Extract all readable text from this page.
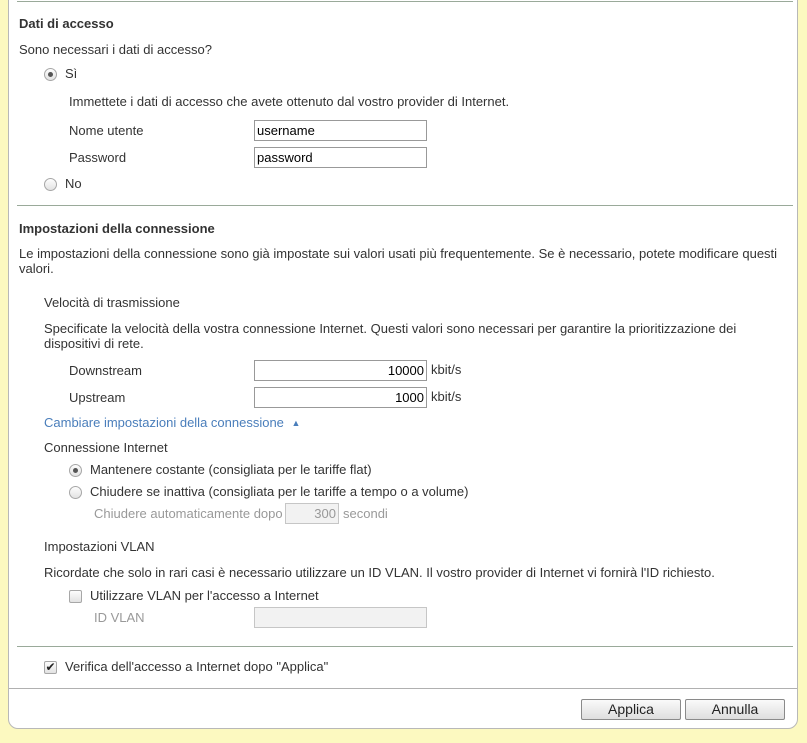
Dati di accesso
Sono necessari i dati di accesso?
Sì
Immettete i dati di accesso che avete ottenuto dal vostro provider di Internet.
Nome utente	username
Password	password
No
Impostazioni della connessione
Le impostazioni della connessione sono già impostate sui valori usati più frequentemente. Se è necessario, potete modificare questi valori.
Velocità di trasmissione
Specificate la velocità della vostra connessione Internet. Questi valori sono necessari per garantire la prioritizzazione dei dispositivi di rete.
Downstream	10000 kbit/s
Upstream	1000 kbit/s
Cambiare impostazioni della connessione ▲
Connessione Internet
Mantenere costante (consigliata per le tariffe flat)
Chiudere se inattiva (consigliata per le tariffe a tempo o a volume)
Chiudere automaticamente dopo	300 secondi
Impostazioni VLAN
Ricordate che solo in rari casi è necessario utilizzare un ID VLAN. Il vostro provider di Internet vi fornirà l'ID richiesto.
Utilizzare VLAN per l'accesso a Internet
ID VLAN
✔ Verifica dell'accesso a Internet dopo "Applica"
Applica	Annulla
